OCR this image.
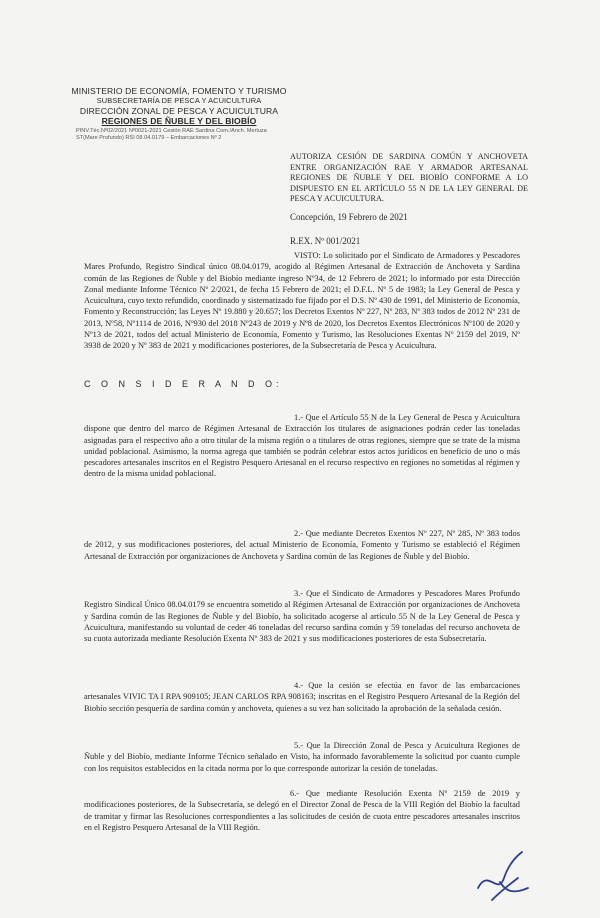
MINISTERIO DE ECONOMÍA, FOMENTO Y TURISMO
SUBSECRETARÍA DE PESCA Y ACUICULTURA
DIRECCIÓN ZONAL DE PESCA Y ACUICULTURA
REGIONES DE ÑUBLE Y DEL BIOBÍO
PINV.Téc.Nº02/2021 Nº0021-2021 Cesión RAE Sardina Com./Anch. Merluza
ST(Mare Profundo) RSI 08.04.0179 – Embarcaciones Nº 2
AUTORIZA CESIÓN DE SARDINA COMÚN Y ANCHOVETA ENTRE ORGANIZACIÓN RAE Y ARMADOR ARTESANAL REGIONES DE ÑUBLE Y DEL BIOBÍO CONFORME A LO DISPUESTO EN EL ARTÍCULO 55 N DE LA LEY GENERAL DE PESCA Y ACUICULTURA.
Concepción, 19 Febrero de 2021
R.EX. Nº 001/2021
VISTO: Lo solicitado por el Sindicato de Armadores y Pescadores Mares Profundo, Registro Sindical único 08.04.0179, acogido al Régimen Artesanal de Extracción de Anchoveta y Sardina común de las Regiones de Ñuble y del Biobío mediante ingreso Nº34, de 12 Febrero de 2021; lo informado por esta Dirección Zonal mediante Informe Técnico Nº 2/2021, de fecha 15 Febrero de 2021; el D.F.L. Nº 5 de 1983; la Ley General de Pesca y Acuicultura, cuyo texto refundido, coordinado y sistematizado fue fijado por el D.S. Nº 430 de 1991, del Ministerio de Economía, Fomento y Reconstrucción; las Leyes Nº 19.880 y 20.657; los Decretos Exentos Nº 227, Nº 283, Nº 383 todos de 2012 Nº 231 de 2013, Nº58, Nº1114 de 2016, Nº930 del 2018 Nº243 de 2019 y Nº8 de 2020, los Decretos Exentos Electrónicos Nº100 de 2020 y Nº13 de 2021, todos del actual Ministerio de Economía, Fomento y Turismo, las Resoluciones Exentas Nº 2159 del 2019, Nº 3938 de 2020 y Nº 383 de 2021 y modificaciones posteriores, de la Subsecretaría de Pesca y Acuicultura.
C O N S I D E R A N D O:
1.- Que el Artículo 55 N de la Ley General de Pesca y Acuicultura dispone que dentro del marco de Régimen Artesanal de Extracción los titulares de asignaciones podrán ceder las toneladas asignadas para el respectivo año a otro titular de la misma región o a titulares de otras regiones, siempre que se trate de la misma unidad poblacional. Asimismo, la norma agrega que también se podrán celebrar estos actos jurídicos en beneficio de uno o más pescadores artesanales inscritos en el Registro Pesquero Artesanal en el recurso respectivo en regiones no sometidas al régimen y dentro de la misma unidad poblacional.
2.- Que mediante Decretos Exentos Nº 227, Nº 285, Nº 383 todos de 2012, y sus modificaciones posteriores, del actual Ministerio de Economía, Fomento y Turismo se estableció el Régimen Artesanal de Extracción por organizaciones de Anchoveta y Sardina común de las Regiones de Ñuble y del Biobío.
3.- Que el Sindicato de Armadores y Pescadores Mares Profundo Registro Sindical Único 08.04.0179 se encuentra sometido al Régimen Artesanal de Extracción por organizaciones de Anchoveta y Sardina común de las Regiones de Ñuble y del Biobío, ha solicitado acogerse al artículo 55 N de la Ley General de Pesca y Acuicultura, manifestando su voluntad de ceder 46 toneladas del recurso sardina común y 59 toneladas del recurso anchoveta de su cuota autorizada mediante Resolución Exenta Nº 383 de 2021 y sus modificaciones posteriores de esta Subsecretaría.
4.- Que la cesión se efectúa en favor de las embarcaciones artesanales VIVIC TA I RPA 909105; JEAN CARLOS RPA 908163; inscritas en el Registro Pesquero Artesanal de la Región del Biobío sección pesquería de sardina común y anchoveta, quienes a su vez han solicitado la aprobación de la señalada cesión.
5.- Que la Dirección Zonal de Pesca y Acuicultura Regiones de Ñuble y del Biobío, mediante Informe Técnico señalado en Visto, ha informado favorablemente la solicitud por cuanto cumple con los requisitos establecidos en la citada norma por lo que corresponde autorizar la cesión de toneladas.
6.- Que mediante Resolución Exenta Nº 2159 de 2019 y modificaciones posteriores, de la Subsecretaría, se delegó en el Director Zonal de Pesca de la VIII Región del Biobío la facultad de tramitar y firmar las Resoluciones correspondientes a las solicitudes de cesión de cuota entre pescadores artesanales inscritos en el Registro Pesquero Artesanal de la VIII Región.
